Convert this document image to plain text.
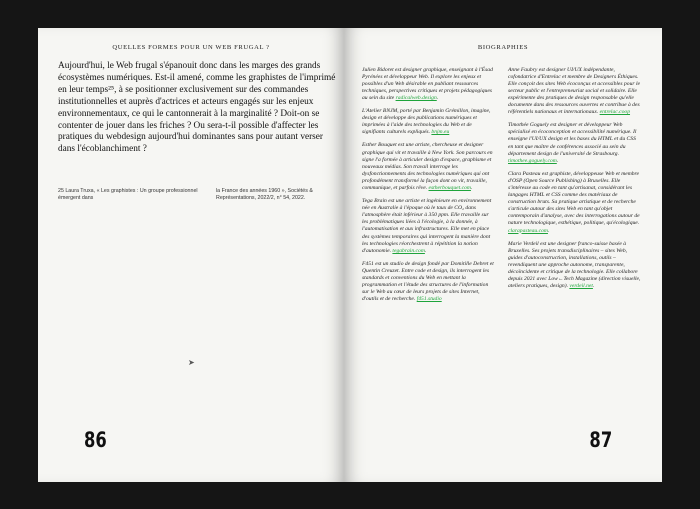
QUELLES FORMES POUR UN WEB FRUGAL ?

Aujourd'hui, le Web frugal s'épanouit donc dans les marges des grands écosystèmes numériques. Est-il amené, comme les graphistes de l'imprimé en leur temps²⁵, à se positionner exclusivement sur des commandes institutionnelles et auprès d'actrices et acteurs engagés sur les enjeux environnementaux, ce qui le cantonnerait à la marginalité ? Doit-on se contenter de jouer dans les friches ? Ou sera-t-il possible d'affecter les pratiques du webdesign aujourd'hui dominantes sans pour autant verser dans l'écoblanchiment ?

25 Laura Truxa, « Les graphistes : Un groupe professionnel émergent dans
la France des années 1960 », Sociétés & Représentations, 2022/2, n° 54, 2022.
➤
86
BIOGRAPHIES

Julien Bidoret est designer graphique, enseignant à l'Ésad Pyrénées et développeur Web. Il explore les enjeux et possibles d'un Web désirable en publiant ressources techniques, perspectives critiques et projets pédagogiques au sein du site radicalweb.design.

L'Atelier BNJM, porté par Benjamin Grémillon, imagine, design et développe des publications numériques et imprimées à l'aide des technologies du Web et de signifiants culturels expliqués. bnjm.eu

Esther Bouquet est une artiste, chercheuse et designer graphique qui vit et travaille à New York. Son parcours en signe l'a formée à articuler design d'espace, graphisme et nouveaux médias. Son travail interroge les dysfonctionnements des technologies numériques qui ont profondément transformé la façon dont on vit, travaille, communique, et parfois rêve. estherbouquet.com.

Tega Brain est une artiste et ingénieure en environnement née en Australie à l'époque où le taux de CO₂ dans l'atmosphère était inférieur à 350 ppm. Elle travaille sur les problématiques liées à l'écologie, à la donnée, à l'automatisation et aux infrastructures. Elle met en place des systèmes temporaires qui interrogent la manière dont les technologies réorchestrent à répétition la notion d'autonomie. tegabrain.com.

F451 est un studio de design fondé par Domitille Debret et Quentin Creuzet. Entre code et design, ils interrogent les standards et conventions du Web en mettant la programmation et l'étude des structures de l'information sur le Web au cœur de leurs projets de sites Internet, d'outils et de recherche. f451.studio

Anne Faubry est designer UI/UX indépendante, cofondatrice d'Entrelac et membre de Designers Éthiques. Elle conçoit des sites Web écoconçus et accessibles pour le secteur public et l'entrepreneuriat social et solidaire. Elle expérimente des pratiques de design responsable qu'elle documente dans des ressources ouvertes et contribue à des référentiels nationaux et internationaux. entrelac.coop

Timothée Goguely est designer et développeur Web spécialisé en écoconception et accessibilité numérique. Il enseigne l'UI/UX design et les bases du HTML et du CSS en tant que maître de conférences associé au sein du département design de l'université de Strasbourg. timothee.goguely.com.

Clara Pasteau est graphiste, développeuse Web et membre d'OSP (Open Source Publishing) à Bruxelles. Elle s'intéresse au code en tant qu'artisanat, considérant les langages HTML et CSS comme des matériaux de construction bruts. Sa pratique artistique et de recherche s'articule autour des sites Web en tant qu'objet contemporain d'analyse, avec des interrogations autour de nature technologique, esthétique, politique, qu'écologique. clarapasteau.com.

Marie Verdeil est une designer franco-suisse basée à Bruxelles. Ses projets transdisciplinaires – sites Web, guides d'autoconstruction, installations, outils – revendiquent une approche autonome, transparente, décoïncidente et critique de la technologie. Elle collabore depuis 2021 avec Low←Tech Magazine (direction visuelle, ateliers pratiques, design). verdeil.net.

87
